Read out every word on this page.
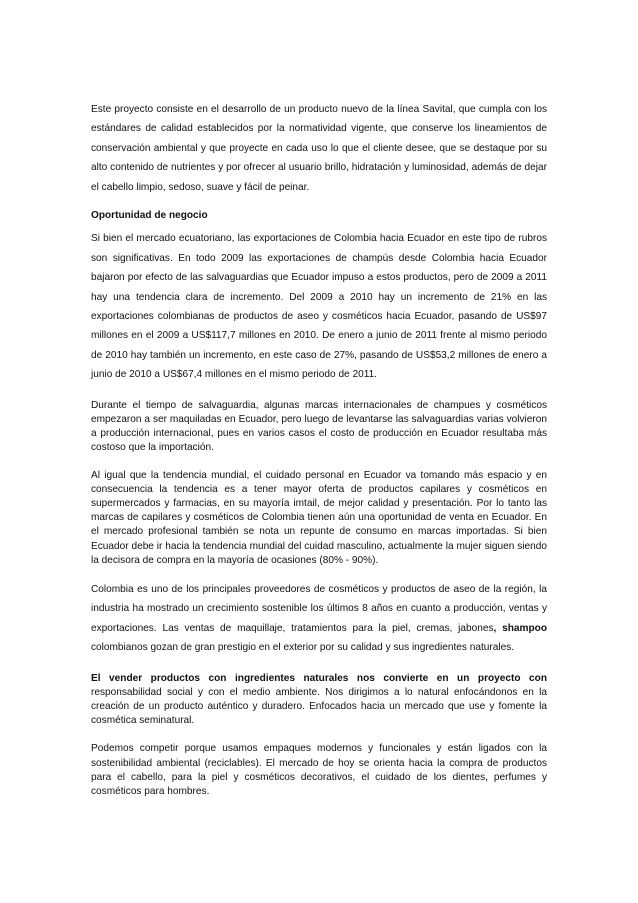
Este proyecto consiste en el desarrollo de un producto nuevo de la línea Savital, que cumpla con los estándares de calidad establecidos por la normatividad vigente, que conserve los lineamientos de conservación ambiental y que proyecte en cada uso lo que el cliente desee, que se destaque por su alto contenido de nutrientes y por ofrecer al usuario brillo, hidratación y luminosidad, además de dejar el cabello limpio, sedoso, suave y fácil de peinar.

Oportunidad de negocio

Si bien el mercado ecuatoriano, las exportaciones de Colombia hacia Ecuador en este tipo de rubros son significativas. En todo 2009 las exportaciones de champús desde Colombia hacia Ecuador bajaron por efecto de las salvaguardias que Ecuador impuso a estos productos, pero de 2009 a 2011 hay una tendencia clara de incremento. Del 2009 a 2010 hay un incremento de 21% en las exportaciones colombianas de productos de aseo y cosméticos hacia Ecuador, pasando de US$97 millones en el 2009 a US$117,7 millones en 2010. De enero a junio de 2011 frente al mismo periodo de 2010 hay también un incremento, en este caso de 27%, pasando de US$53,2 millones de enero a junio de 2010 a US$67,4 millones en el mismo periodo de 2011.

Durante el tiempo de salvaguardia, algunas marcas internacionales de champues y cosméticos empezaron a ser maquiladas en Ecuador, pero luego de levantarse las salvaguardias varias volvieron a producción internacional, pues en varios casos el costo de producción en Ecuador resultaba más costoso que la importación.

Al igual que la tendencia mundial, el cuidado personal en Ecuador va tomando más espacio y en consecuencia la tendencia es a tener mayor oferta de productos capilares y cosméticos en supermercados y farmacias, en su mayoría imtail, de mejor calidad y presentación. Por lo tanto las marcas de capilares y cosméticos de Colombia tienen aún una oportunidad de venta en Ecuador. En el mercado profesional también se nota un repunte de consumo en marcas importadas. Si bien Ecuador debe ir hacia la tendencia mundial del cuidad masculino, actualmente la mujer siguen siendo la decisora de compra en la mayoría de ocasiones (80% - 90%).

Colombia es uno de los principales proveedores de cosméticos y productos de aseo de la región, la industria ha mostrado un crecimiento sostenible los últimos 8 años en cuanto a producción, ventas y exportaciones. Las ventas de maquillaje, tratamientos para la piel, cremas, jabones, shampoo colombianos gozan de gran prestigio en el exterior por su calidad y sus ingredientes naturales.

El vender productos con ingredientes naturales nos convierte en un proyecto con responsabilidad social y con el medio ambiente. Nos dirigimos a lo natural enfocándonos en la creación de un producto auténtico y duradero. Enfocados hacia un mercado que use y fomente la cosmética seminatural.

Podemos competir porque usamos empaques modernos y funcionales y están ligados con la sostenibilidad ambiental (reciclables). El mercado de hoy se orienta hacia la compra de productos para el cabello, para la piel y cosméticos decorativos, el cuidado de los dientes, perfumes y cosméticos para hombres.
